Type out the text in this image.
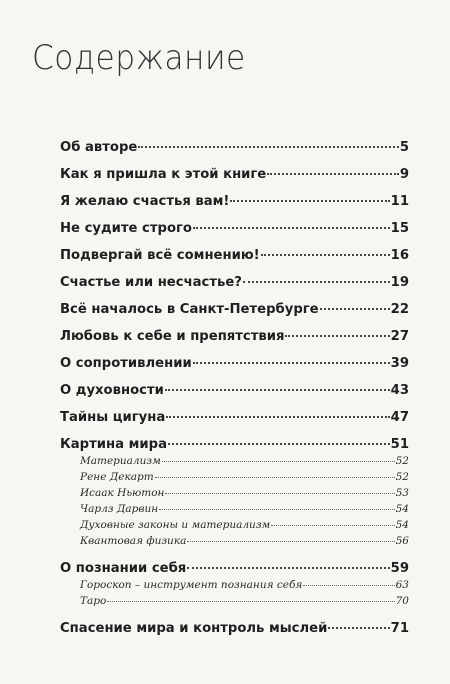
Содержание
Об авторе	5
Как я пришла к этой книге	9
Я желаю счастья вам!	11
Не судите строго	15
Подвергай всё сомнению!	16
Счастье или несчастье?	19
Всё началось в Санкт-Петербурге	22
Любовь к себе и препятствия	27
О сопротивлении	39
О духовности	43
Тайны цигуна	47
Картина мира	51
Материализм	52
Рене Декарт	52
Исаак Ньютон	53
Чарлз Дарвин	54
Духовные законы и материализм	54
Квантовая физика	56
О познании себя	59
Гороскоп – инструмент познания себя	63
Таро	70
Спасение мира и контроль мыслей	71
